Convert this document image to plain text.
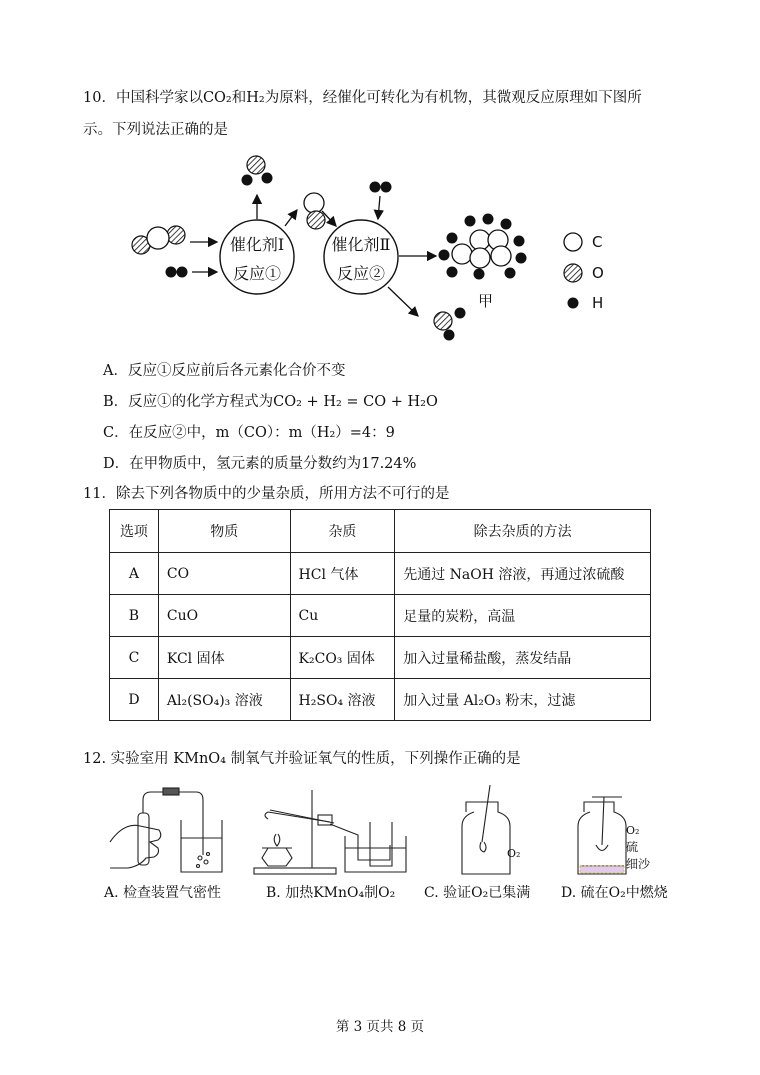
10．中国科学家以CO₂和H₂为原料，经催化可转化为有机物，其微观反应原理如下图所
示。下列说法正确的是
催化剂Ⅰ
反应①
催化剂Ⅱ
反应②
甲
C
O
H
A．反应①反应前后各元素化合价不变
B．反应①的化学方程式为CO₂ + H₂ = CO + H₂O
C．在反应②中，m（CO）：m（H₂）=4：9
D．在甲物质中，氢元素的质量分数约为17.24%
11．除去下列各物质中的少量杂质，所用方法不可行的是
选项	物质	杂质	除去杂质的方法
A	CO	HCl 气体	先通过 NaOH 溶液，再通过浓硫酸
B	CuO	Cu	足量的炭粉，高温
C	KCl 固体	K₂CO₃ 固体	加入过量稀盐酸，蒸发结晶
D	Al₂(SO₄)₃ 溶液	H₂SO₄ 溶液	加入过量 Al₂O₃ 粉末，过滤
12. 实验室用 KMnO₄ 制氧气并验证氧气的性质，下列操作正确的是
O₂
O₂
硫
细沙
A. 检查装置气密性	B. 加热KMnO₄制O₂ C. 验证O₂已集满 D. 硫在O₂中燃烧
第 3 页共 8 页
